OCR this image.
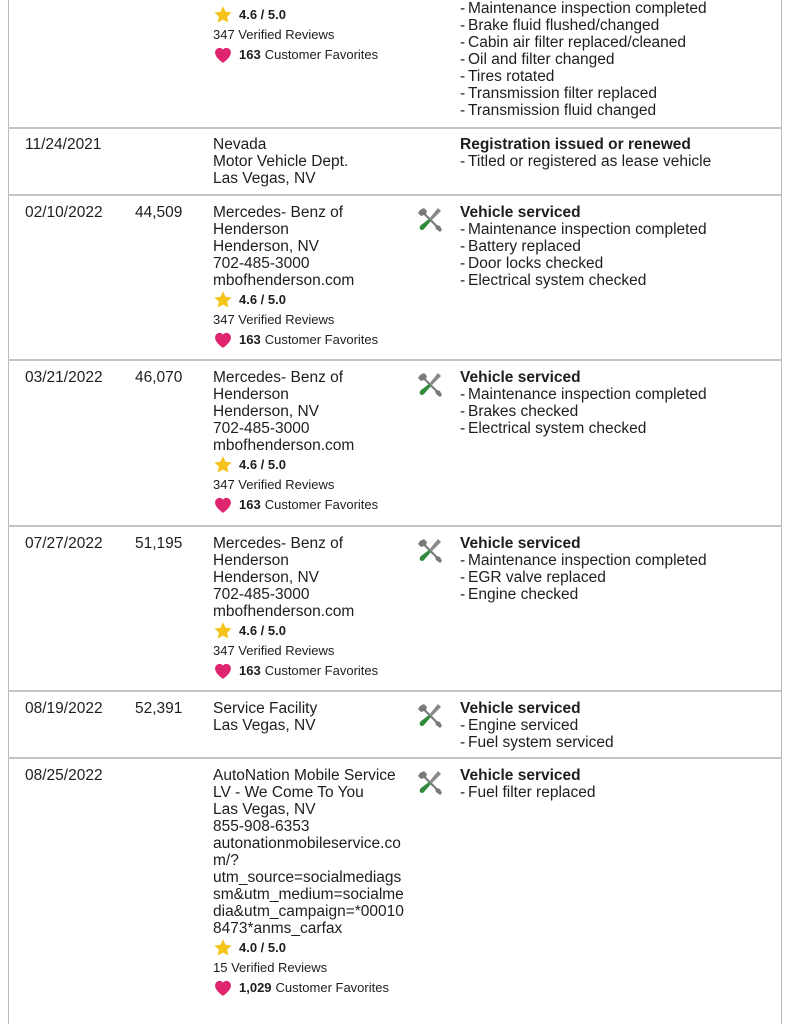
4.6 / 5.0
347 Verified Reviews
163 Customer Favorites
- Maintenance inspection completed
- Brake fluid flushed/changed
- Cabin air filter replaced/cleaned
- Oil and filter changed
- Tires rotated
- Transmission filter replaced
- Transmission fluid changed
11/24/2021	Nevada
Motor Vehicle Dept.
Las Vegas, NV
Registration issued or renewed
- Titled or registered as lease vehicle
02/10/2022 44,509 Mercedes- Benz of
Henderson
Henderson, NV
702-485-3000
mbofhenderson.com
4.6 / 5.0
347 Verified Reviews
163 Customer Favorites
Vehicle serviced
- Maintenance inspection completed
- Battery replaced
- Door locks checked
- Electrical system checked
03/21/2022 46,070 Mercedes- Benz of
Henderson
Henderson, NV
702-485-3000
mbofhenderson.com
4.6 / 5.0
347 Verified Reviews
163 Customer Favorites
Vehicle serviced
- Maintenance inspection completed
- Brakes checked
- Electrical system checked
07/27/2022 51,195 Mercedes- Benz of
Henderson
Henderson, NV
702-485-3000
mbofhenderson.com
4.6 / 5.0
347 Verified Reviews
163 Customer Favorites
Vehicle serviced
- Maintenance inspection completed
- EGR valve replaced
- Engine checked
08/19/2022 52,391 Service Facility
Las Vegas, NV
Vehicle serviced
- Engine serviced
- Fuel system serviced
08/25/2022	AutoNation Mobile Service
LV - We Come To You
Las Vegas, NV
855-908-6353
autonationmobileservice.co
m/?
utm_source=socialmediags
sm&utm_medium=socialme
dia&utm_campaign=*00010
8473*anms_carfax
4.0 / 5.0
15 Verified Reviews
1,029 Customer Favorites
Vehicle serviced
- Fuel filter replaced
